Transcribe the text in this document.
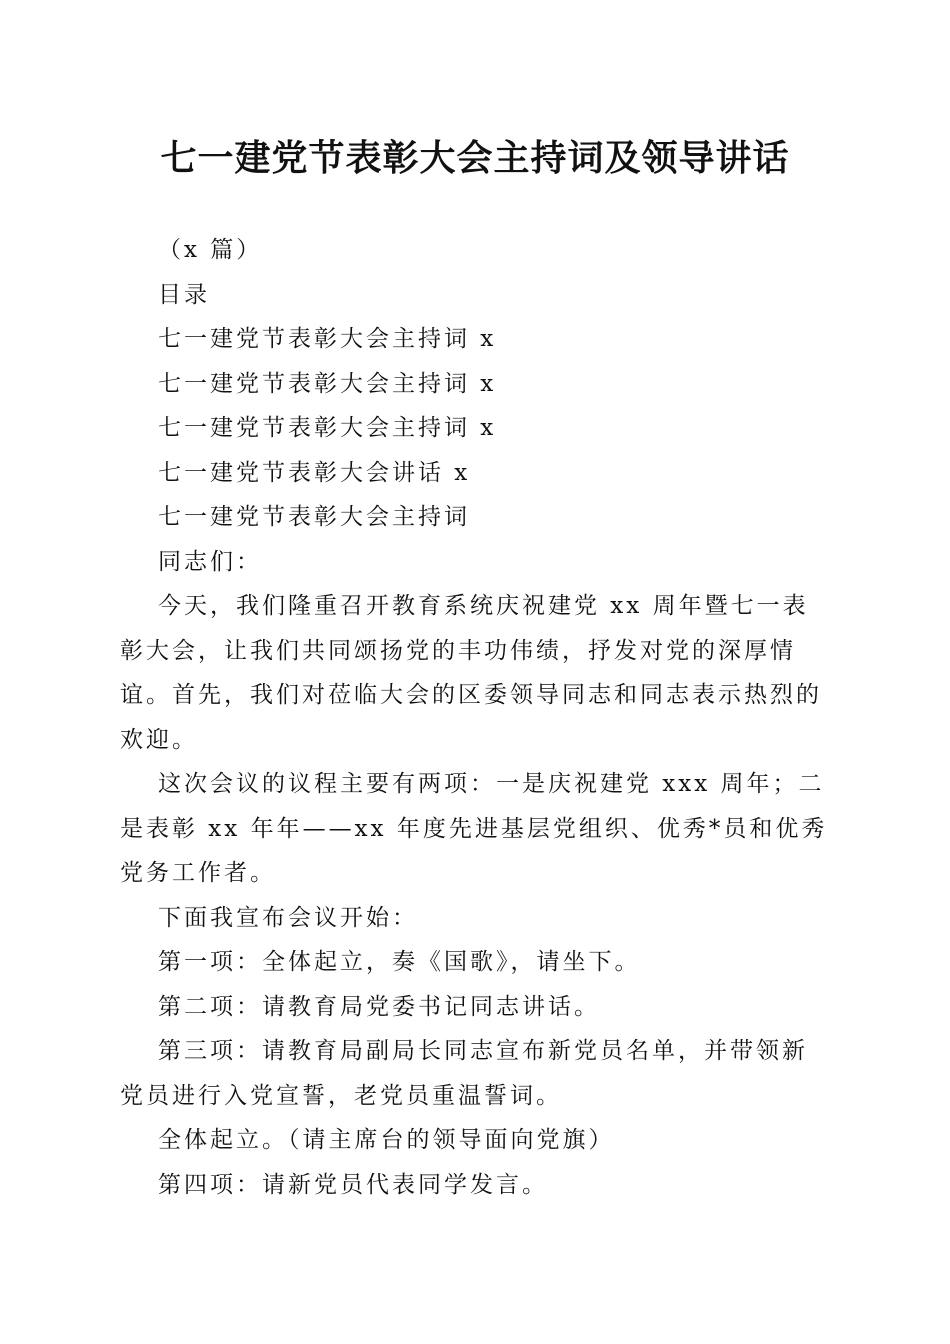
七一建党节表彰大会主持词及领导讲话

（x 篇）

目录

七一建党节表彰大会主持词 x

七一建党节表彰大会主持词 x

七一建党节表彰大会主持词 x

七一建党节表彰大会讲话 x

七一建党节表彰大会主持词

同志们：

今天，我们隆重召开教育系统庆祝建党 xx 周年暨七一表彰大会，让我们共同颂扬党的丰功伟绩，抒发对党的深厚情谊。首先，我们对莅临大会的区委领导同志和同志表示热烈的欢迎。

这次会议的议程主要有两项：一是庆祝建党 xxx 周年；二是表彰 xx 年年——xx 年度先进基层党组织、优秀*员和优秀党务工作者。

下面我宣布会议开始：

第一项：全体起立，奏《国歌》，请坐下。

第二项：请教育局党委书记同志讲话。

第三项：请教育局副局长同志宣布新党员名单，并带领新党员进行入党宣誓，老党员重温誓词。

全体起立。（请主席台的领导面向党旗）

第四项：请新党员代表同学发言。
